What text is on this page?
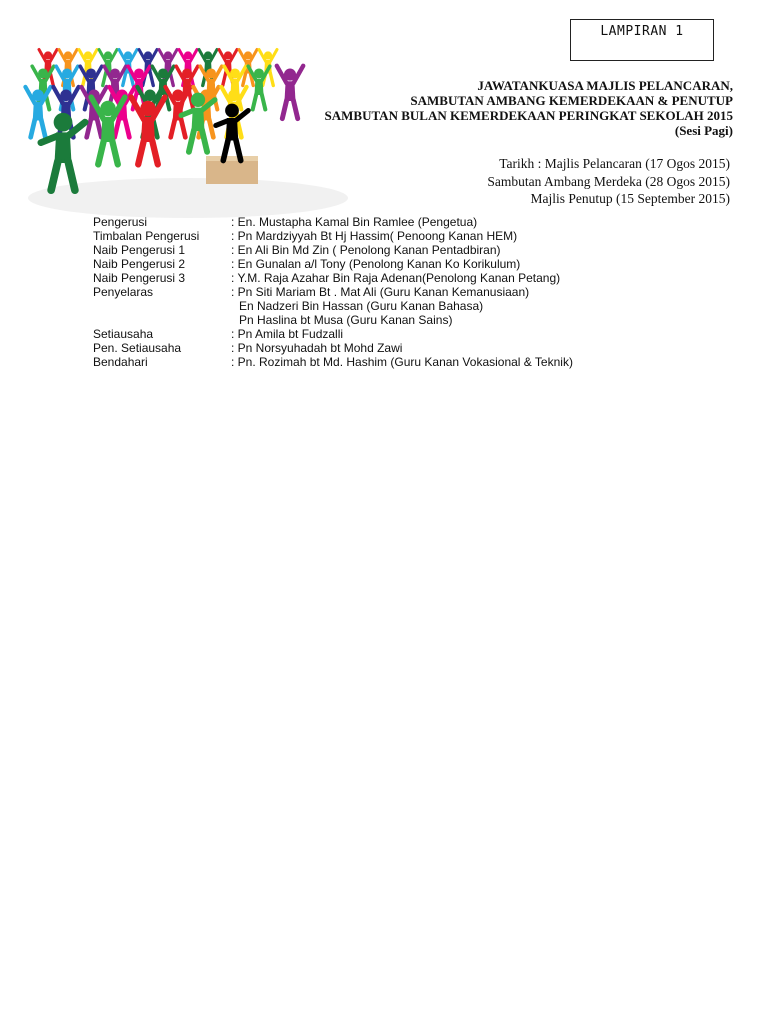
LAMPIRAN 1
JAWATANKUASA MAJLIS PELANCARAN,
SAMBUTAN AMBANG KEMERDEKAAN & PENUTUP
SAMBUTAN BULAN KEMERDEKAAN PERINGKAT SEKOLAH 2015
(Sesi Pagi)
Tarikh : Majlis Pelancaran (17 Ogos 2015)
Sambutan Ambang Merdeka (28 Ogos 2015)
Majlis Penutup (15 September 2015)
Pengerusi	: En. Mustapha Kamal Bin Ramlee (Pengetua)
Timbalan Pengerusi	: Pn Mardziyyah Bt Hj Hassim( Penoong Kanan HEM)
Naib Pengerusi 1	: En Ali Bin Md Zin ( Penolong Kanan Pentadbiran)
Naib Pengerusi 2	: En Gunalan a/l Tony (Penolong Kanan Ko Korikulum)
Naib Pengerusi 3	: Y.M. Raja Azahar Bin Raja Adenan(Penolong Kanan Petang)
Penyelaras	: Pn Siti Mariam Bt . Mat Ali (Guru Kanan Kemanusiaan)
En Nadzeri Bin Hassan (Guru Kanan Bahasa)
Pn Haslina bt Musa (Guru Kanan Sains)
Setiausaha	: Pn Amila bt Fudzalli
Pen. Setiausaha	: Pn Norsyuhadah bt Mohd Zawi
Bendahari	: Pn. Rozimah bt Md. Hashim (Guru Kanan Vokasional & Teknik)
